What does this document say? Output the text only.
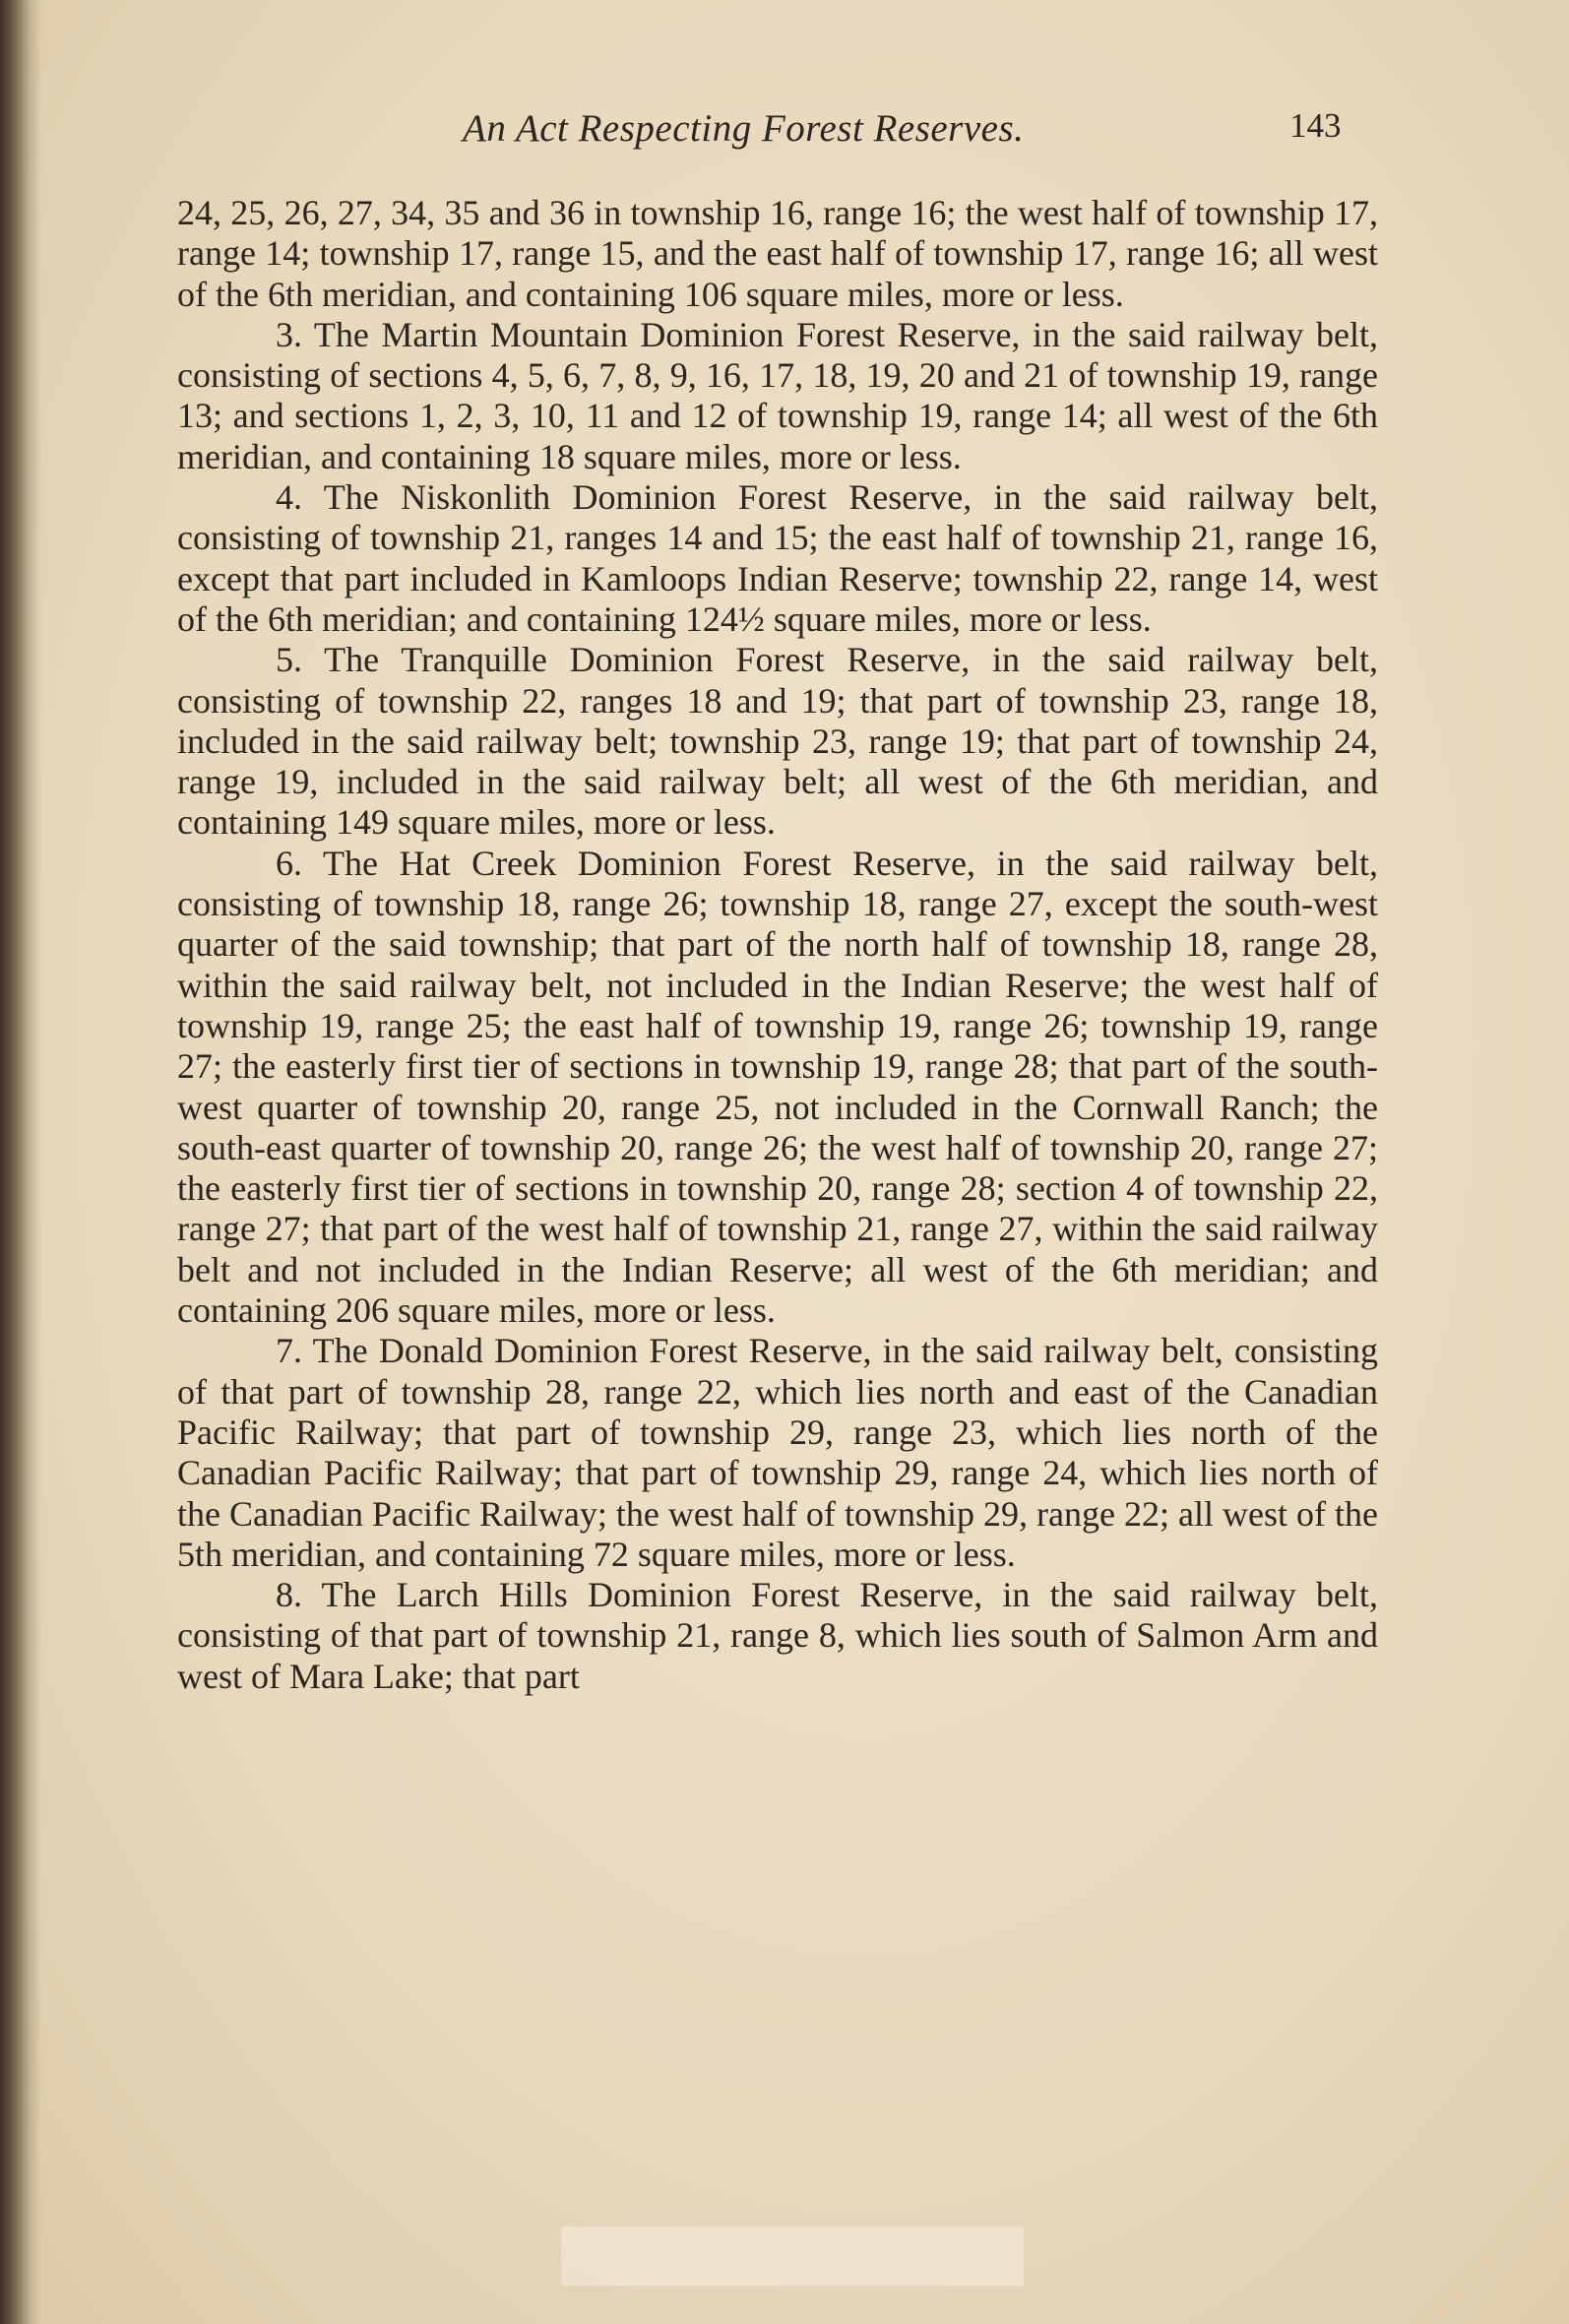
An Act Respecting Forest Reserves.	143

24, 25, 26, 27, 34, 35 and 36 in township 16, range 16; the west half of township 17, range 14; township 17, range 15, and the east half of township 17, range 16; all west of the 6th meridian, and containing 106 square miles, more or less.

3. The Martin Mountain Dominion Forest Reserve, in the said railway belt, consisting of sections 4, 5, 6, 7, 8, 9, 16, 17, 18, 19, 20 and 21 of township 19, range 13; and sections 1, 2, 3, 10, 11 and 12 of township 19, range 14; all west of the 6th meridian, and containing 18 square miles, more or less.

4. The Niskonlith Dominion Forest Reserve, in the said railway belt, consisting of township 21, ranges 14 and 15; the east half of township 21, range 16, except that part included in Kamloops Indian Reserve; township 22, range 14, west of the 6th meridian; and containing 124½ square miles, more or less.

5. The Tranquille Dominion Forest Reserve, in the said railway belt, consisting of township 22, ranges 18 and 19; that part of township 23, range 18, included in the said railway belt; township 23, range 19; that part of township 24, range 19, included in the said railway belt; all west of the 6th meridian, and containing 149 square miles, more or less.

6. The Hat Creek Dominion Forest Reserve, in the said railway belt, consisting of township 18, range 26; township 18, range 27, except the south-west quarter of the said township; that part of the north half of township 18, range 28, within the said railway belt, not included in the Indian Reserve; the west half of township 19, range 25; the east half of township 19, range 26; township 19, range 27; the easterly first tier of sections in township 19, range 28; that part of the south-west quarter of township 20, range 25, not included in the Cornwall Ranch; the south-east quarter of township 20, range 26; the west half of township 20, range 27; the easterly first tier of sections in township 20, range 28; section 4 of township 22, range 27; that part of the west half of township 21, range 27, within the said railway belt and not included in the Indian Reserve; all west of the 6th meridian; and containing 206 square miles, more or less.

7. The Donald Dominion Forest Reserve, in the said railway belt, consisting of that part of township 28, range 22, which lies north and east of the Canadian Pacific Railway; that part of township 29, range 23, which lies north of the Canadian Pacific Railway; that part of township 29, range 24, which lies north of the Canadian Pacific Railway; the west half of township 29, range 22; all west of the 5th meridian, and containing 72 square miles, more or less.

8. The Larch Hills Dominion Forest Reserve, in the said railway belt, consisting of that part of township 21, range 8, which lies south of Salmon Arm and west of Mara Lake; that part
